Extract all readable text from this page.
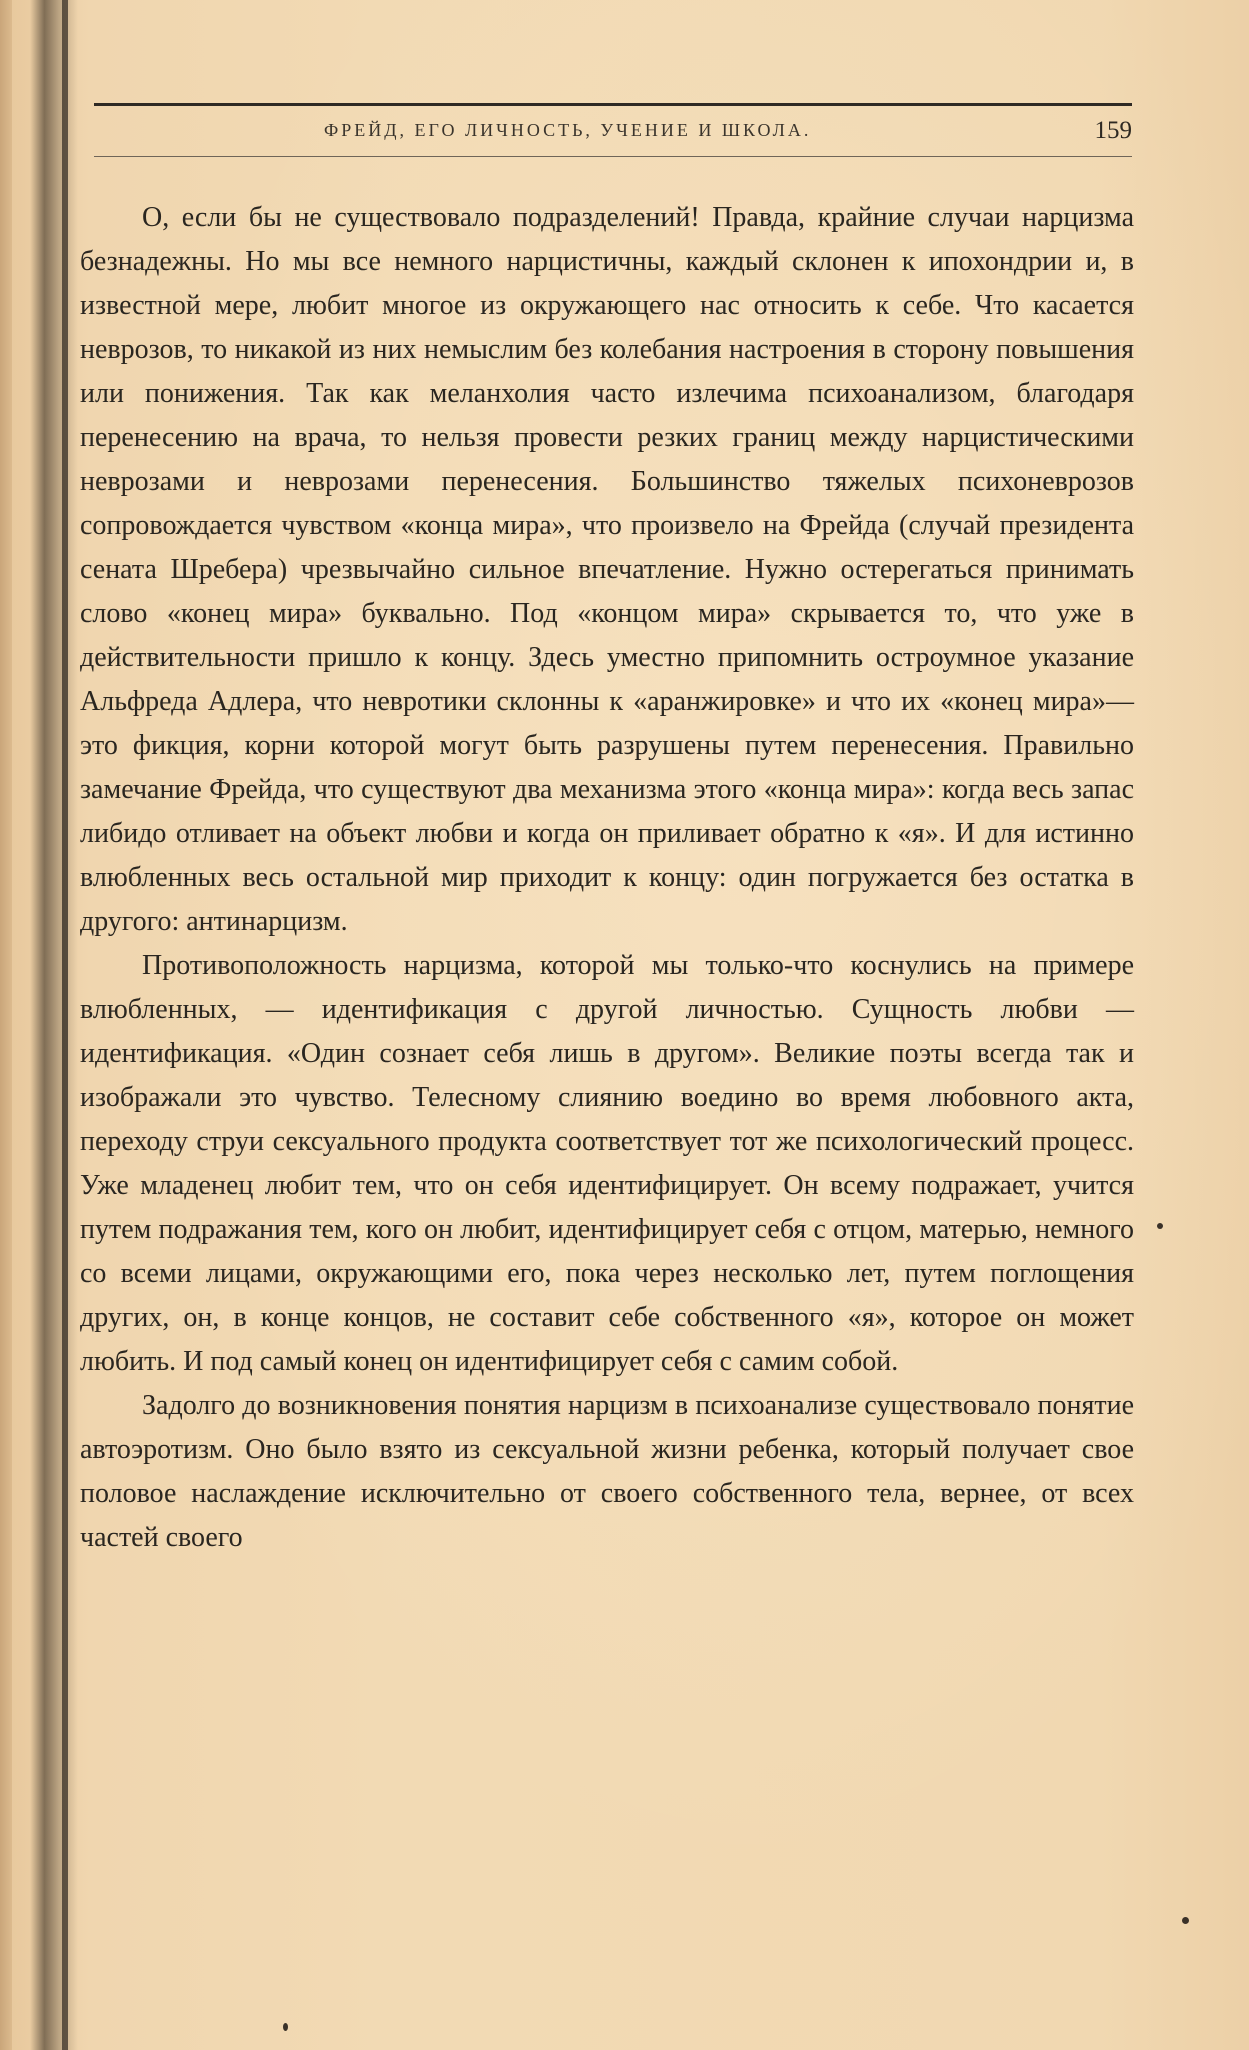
ФРЕЙД, ЕГО ЛИЧНОСТЬ, УЧЕНИЕ И ШКОЛА.	159

О, если бы не существовало подразделений! Правда, крайние случаи нарцизма безнадежны. Но мы все немного нарцистичны, каждый склонен к ипохондрии и, в известной мере, любит многое из окружающего нас относить к себе. Что касается неврозов, то никакой из них немыслим без колебания настроения в сторону повышения или понижения. Так как меланхолия часто излечима психоанализом, благодаря перенесению на врача, то нельзя провести резких границ между нарцистическими неврозами и неврозами перенесения. Большинство тяжелых психоневрозов сопровождается чувством «конца мира», что произвело на Фрейда (случай президента сената Шребера) чрезвычайно сильное впечатление. Нужно остерегаться принимать слово «конец мира» буквально. Под «концом мира» скрывается то, что уже в действительности пришло к концу. Здесь уместно припомнить остроумное указание Альфреда Адлера, что невротики склонны к «аранжировке» и что их «конец мира»—это фикция, корни которой могут быть разрушены путем перенесения. Правильно замечание Фрейда, что существуют два механизма этого «конца мира»: когда весь запас либидо отливает на объект любви и когда он приливает обратно к «я». И для истинно влюбленных весь остальной мир приходит к концу: один погружается без остатка в другого: антинарцизм.

Противоположность нарцизма, которой мы только-что коснулись на примере влюбленных, — идентификация с другой личностью. Сущность любви — идентификация. «Один сознает себя лишь в другом». Великие поэты всегда так и изображали это чувство. Телесному слиянию воедино во время любовного акта, переходу струи сексуального продукта соответствует тот же психологический процесс. Уже младенец любит тем, что он себя идентифицирует. Он всему подражает, учится путем подражания тем, кого он любит, идентифицирует себя с отцом, матерью, немного со всеми лицами, окружающими его, пока через несколько лет, путем поглощения других, он, в конце концов, не составит себе собственного «я», которое он может любить. И под самый конец он идентифицирует себя с самим собой.

Задолго до возникновения понятия нарцизм в психоанализе существовало понятие автоэротизм. Оно было взято из сексуальной жизни ребенка, который получает свое половое наслаждение исключительно от своего собственного тела, вернее, от всех частей своего
